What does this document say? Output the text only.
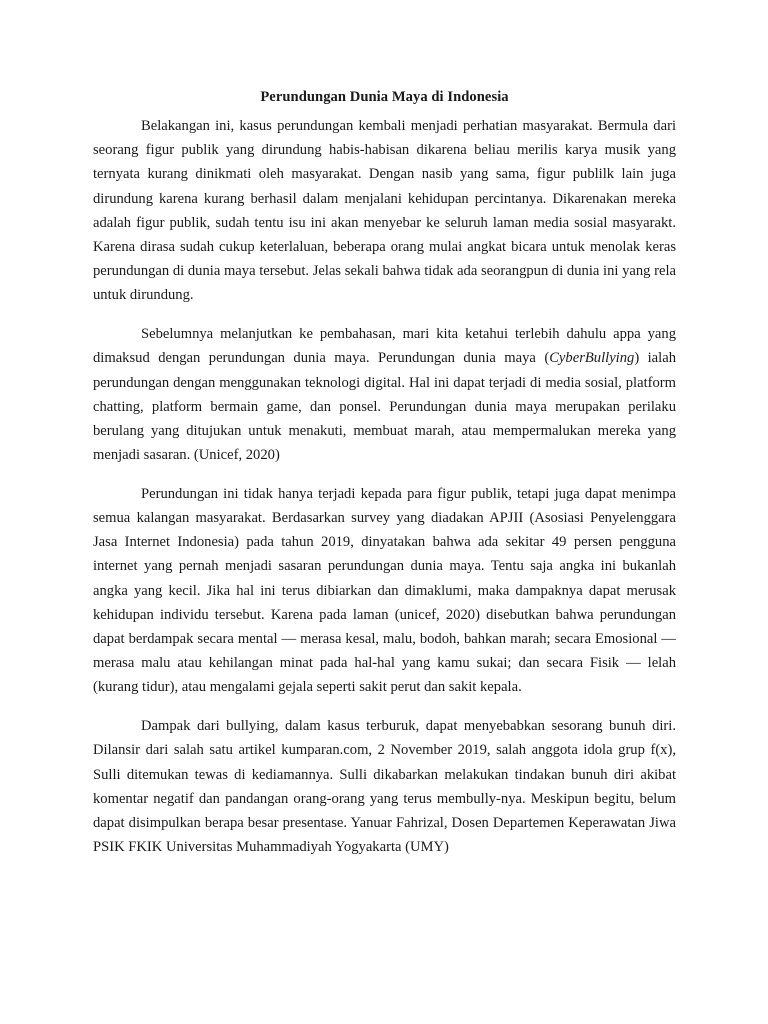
Perundungan Dunia Maya di Indonesia

Belakangan ini, kasus perundungan kembali menjadi perhatian masyarakat. Bermula dari seorang figur publik yang dirundung habis-habisan dikarena beliau merilis karya musik yang ternyata kurang dinikmati oleh masyarakat. Dengan nasib yang sama, figur publilk lain juga dirundung karena kurang berhasil dalam menjalani kehidupan percintanya. Dikarenakan mereka adalah figur publik, sudah tentu isu ini akan menyebar ke seluruh laman media sosial masyarakt. Karena dirasa sudah cukup keterlaluan, beberapa orang mulai angkat bicara untuk menolak keras perundungan di dunia maya tersebut. Jelas sekali bahwa tidak ada seorangpun di dunia ini yang rela untuk dirundung.

Sebelumnya melanjutkan ke pembahasan, mari kita ketahui terlebih dahulu appa yang dimaksud dengan perundungan dunia maya. Perundungan dunia maya (CyberBullying) ialah perundungan dengan menggunakan teknologi digital. Hal ini dapat terjadi di media sosial, platform chatting, platform bermain game, dan ponsel. Perundungan dunia maya merupakan perilaku berulang yang ditujukan untuk menakuti, membuat marah, atau mempermalukan mereka yang menjadi sasaran. (Unicef, 2020)

Perundungan ini tidak hanya terjadi kepada para figur publik, tetapi juga dapat menimpa semua kalangan masyarakat. Berdasarkan survey yang diadakan APJII (Asosiasi Penyelenggara Jasa Internet Indonesia) pada tahun 2019, dinyatakan bahwa ada sekitar 49 persen pengguna internet yang pernah menjadi sasaran perundungan dunia maya. Tentu saja angka ini bukanlah angka yang kecil. Jika hal ini terus dibiarkan dan dimaklumi, maka dampaknya dapat merusak kehidupan individu tersebut. Karena pada laman (unicef, 2020) disebutkan bahwa perundungan dapat berdampak secara mental — merasa kesal, malu, bodoh, bahkan marah; secara Emosional — merasa malu atau kehilangan minat pada hal-hal yang kamu sukai; dan secara Fisik — lelah (kurang tidur), atau mengalami gejala seperti sakit perut dan sakit kepala.

Dampak dari bullying, dalam kasus terburuk, dapat menyebabkan sesorang bunuh diri. Dilansir dari salah satu artikel kumparan.com, 2 November 2019, salah anggota idola grup f(x), Sulli ditemukan tewas di kediamannya. Sulli dikabarkan melakukan tindakan bunuh diri akibat komentar negatif dan pandangan orang-orang yang terus membully-nya. Meskipun begitu, belum dapat disimpulkan berapa besar presentase. Yanuar Fahrizal, Dosen Departemen Keperawatan Jiwa PSIK FKIK Universitas Muhammadiyah Yogyakarta (UMY)
